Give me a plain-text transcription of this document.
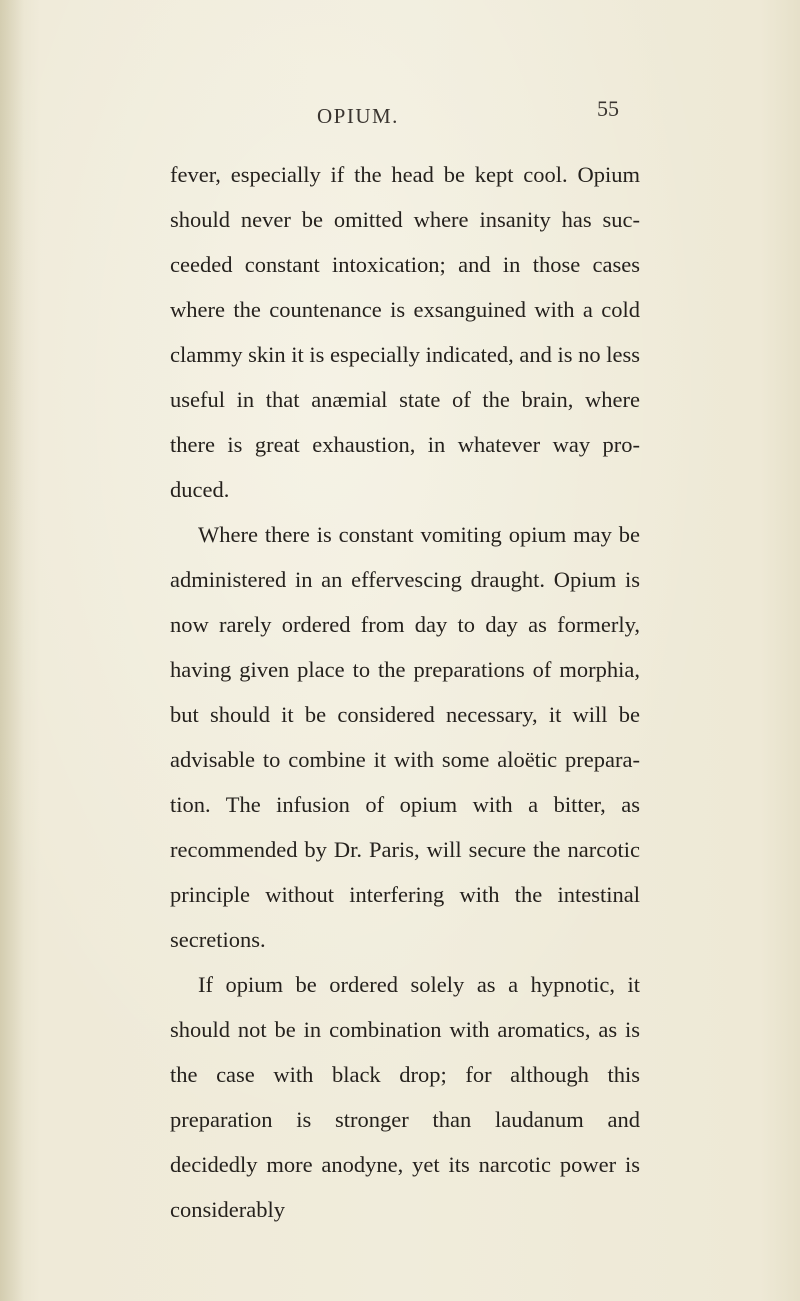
OPIUM.	55

fever, especially if the head be kept cool. Opium should never be omitted where insanity has succeeded constant intoxication; and in those cases where the countenance is exsanguined with a cold clammy skin it is especially indicated, and is no less useful in that anæmial state of the brain, where there is great exhaustion, in whatever way produced.

Where there is constant vomiting opium may be administered in an effervescing draught. Opium is now rarely ordered from day to day as formerly, having given place to the preparations of morphia, but should it be considered necessary, it will be advisable to combine it with some aloëtic preparation. The infusion of opium with a bitter, as recommended by Dr. Paris, will secure the narcotic principle without interfering with the intestinal secretions.

If opium be ordered solely as a hypnotic, it should not be in combination with aromatics, as is the case with black drop; for although this preparation is stronger than laudanum and decidedly more anodyne, yet its narcotic power is considerably
